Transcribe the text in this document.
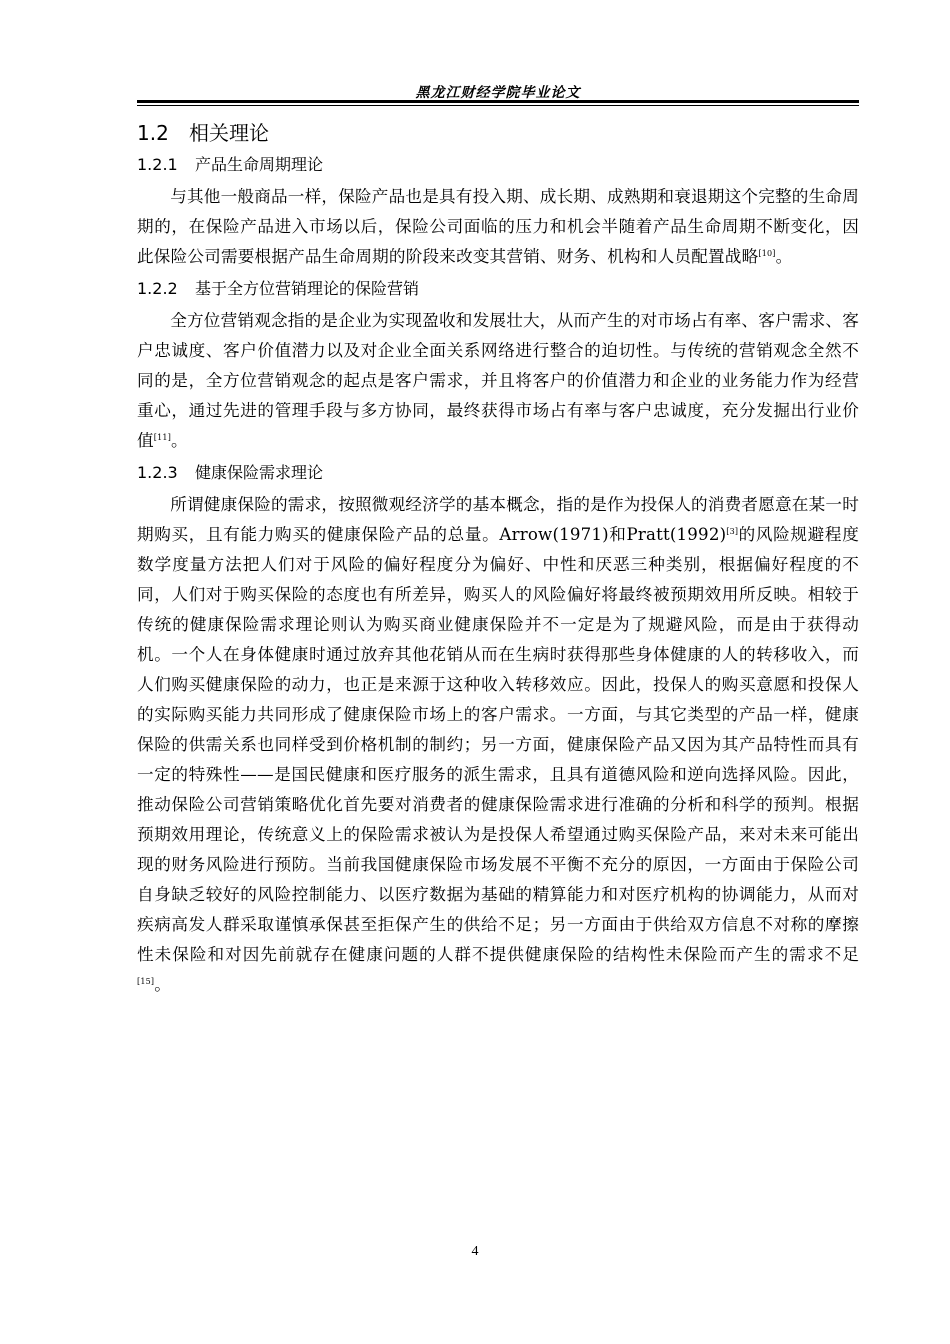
黑龙江财经学院毕业论文
1.2 相关理论
1.2.1 产品生命周期理论

与其他一般商品一样，保险产品也是具有投入期、成长期、成熟期和衰退期这个完整的生命周期的，在保险产品进入市场以后，保险公司面临的压力和机会半随着产品生命周期不断变化，因此保险公司需要根据产品生命周期的阶段来改变其营销、财务、机构和人员配置战略[10]。

1.2.2 基于全方位营销理论的保险营销

全方位营销观念指的是企业为实现盈收和发展壮大，从而产生的对市场占有率、客户需求、客户忠诚度、客户价值潜力以及对企业全面关系网络进行整合的迫切性。与传统的营销观念全然不同的是，全方位营销观念的起点是客户需求，并且将客户的价值潜力和企业的业务能力作为经营重心，通过先进的管理手段与多方协同，最终获得市场占有率与客户忠诚度，充分发掘出行业价值[11]。

1.2.3 健康保险需求理论

所谓健康保险的需求，按照微观经济学的基本概念，指的是作为投保人的消费者愿意在某一时期购买，且有能力购买的健康保险产品的总量。Arrow(1971)和Pratt(1992)[3]的风险规避程度数学度量方法把人们对于风险的偏好程度分为偏好、中性和厌恶三种类别，根据偏好程度的不同，人们对于购买保险的态度也有所差异，购买人的风险偏好将最终被预期效用所反映。相较于传统的健康保险需求理论则认为购买商业健康保险并不一定是为了规避风险，而是由于获得动机。一个人在身体健康时通过放弃其他花销从而在生病时获得那些身体健康的人的转移收入，而人们购买健康保险的动力，也正是来源于这种收入转移效应。因此，投保人的购买意愿和投保人的实际购买能力共同形成了健康保险市场上的客户需求。一方面，与其它类型的产品一样，健康保险的供需关系也同样受到价格机制的制约；另一方面，健康保险产品又因为其产品特性而具有一定的特殊性——是国民健康和医疗服务的派生需求，且具有道德风险和逆向选择风险。因此，推动保险公司营销策略优化首先要对消费者的健康保险需求进行准确的分析和科学的预判。根据预期效用理论，传统意义上的保险需求被认为是投保人希望通过购买保险产品，来对未来可能出现的财务风险进行预防。当前我国健康保险市场发展不平衡不充分的原因，一方面由于保险公司自身缺乏较好的风险控制能力、以医疗数据为基础的精算能力和对医疗机构的协调能力，从而对疾病高发人群采取谨慎承保甚至拒保产生的供给不足；另一方面由于供给双方信息不对称的摩擦性未保险和对因先前就存在健康问题的人群不提供健康保险的结构性未保险而产生的需求不足[15]。

4
